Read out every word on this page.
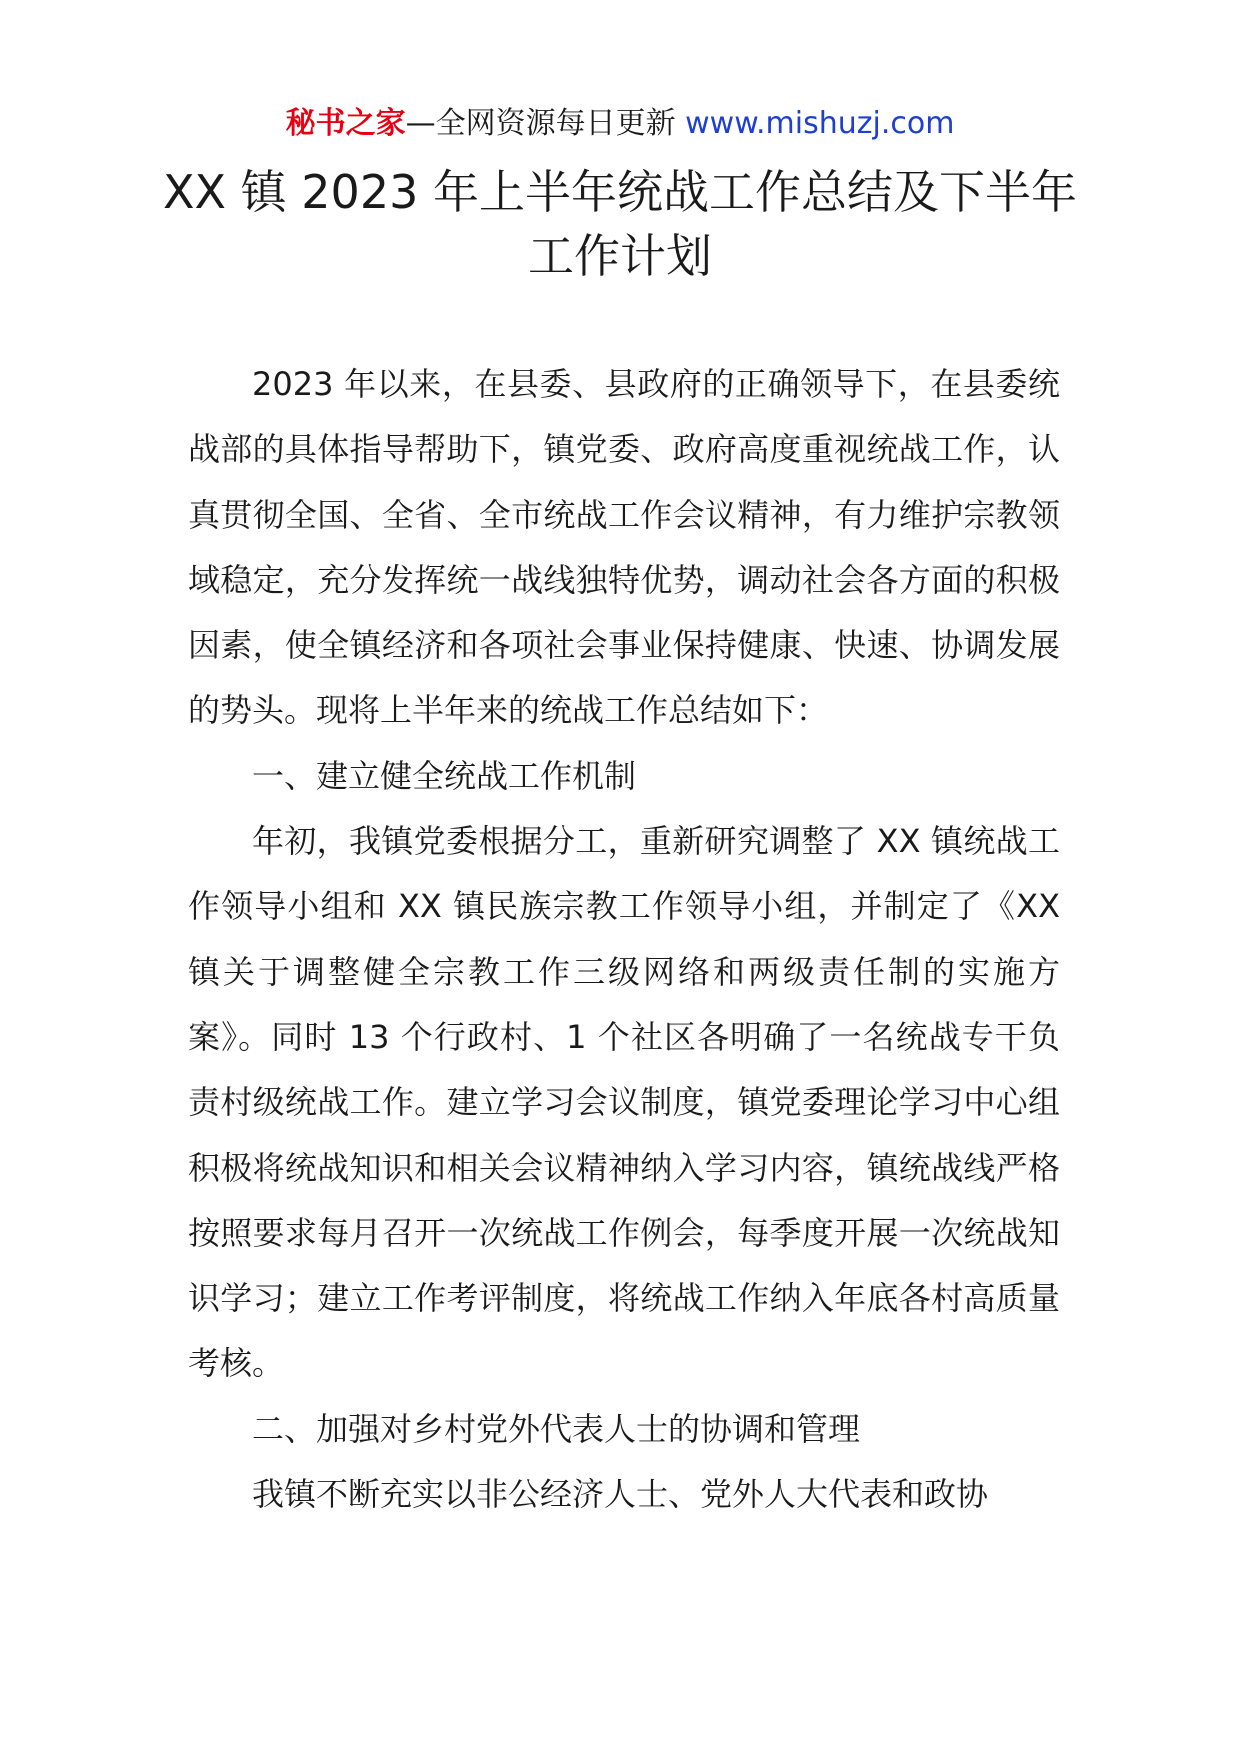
秘书之家—全网资源每日更新 www.mishuzj.com
XX 镇 2023 年上半年统战工作总结及下半年工作计划

2023 年以来，在县委、县政府的正确领导下，在县委统战部的具体指导帮助下，镇党委、政府高度重视统战工作，认真贯彻全国、全省、全市统战工作会议精神，有力维护宗教领域稳定，充分发挥统一战线独特优势，调动社会各方面的积极因素，使全镇经济和各项社会事业保持健康、快速、协调发展的势头。现将上半年来的统战工作总结如下：

一、建立健全统战工作机制

年初，我镇党委根据分工，重新研究调整了 XX 镇统战工作领导小组和 XX 镇民族宗教工作领导小组，并制定了《XX 镇关于调整健全宗教工作三级网络和两级责任制的实施方案》。同时 13 个行政村、1 个社区各明确了一名统战专干负责村级统战工作。建立学习会议制度，镇党委理论学习中心组积极将统战知识和相关会议精神纳入学习内容，镇统战线严格按照要求每月召开一次统战工作例会，每季度开展一次统战知识学习；建立工作考评制度，将统战工作纳入年底各村高质量考核。

二、加强对乡村党外代表人士的协调和管理

我镇不断充实以非公经济人士、党外人大代表和政协
